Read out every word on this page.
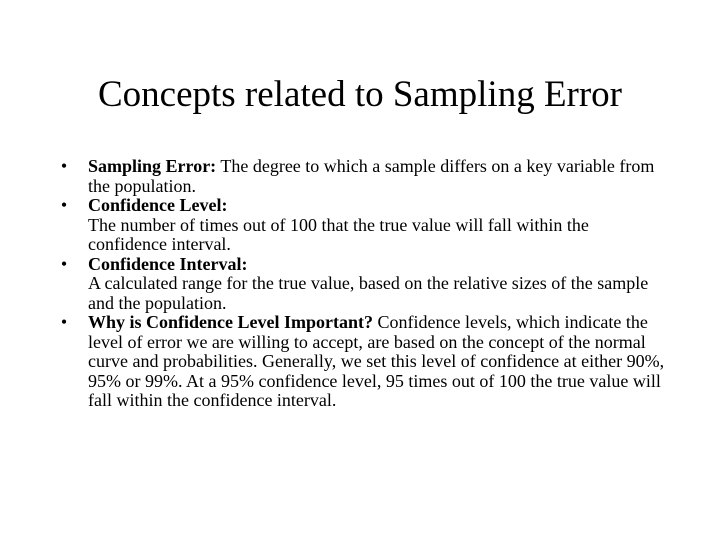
Concepts related to Sampling Error
• Sampling Error: The degree to which a sample differs on a key variable from the population.
• Confidence Level:
The number of times out of 100 that the true value will fall within the confidence interval.
• Confidence Interval:
A calculated range for the true value, based on the relative sizes of the sample and the population.
• Why is Confidence Level Important? Confidence levels, which indicate the level of error we are willing to accept, are based on the concept of the normal curve and probabilities. Generally, we set this level of confidence at either 90%, 95% or 99%. At a 95% confidence level, 95 times out of 100 the true value will fall within the confidence interval.
